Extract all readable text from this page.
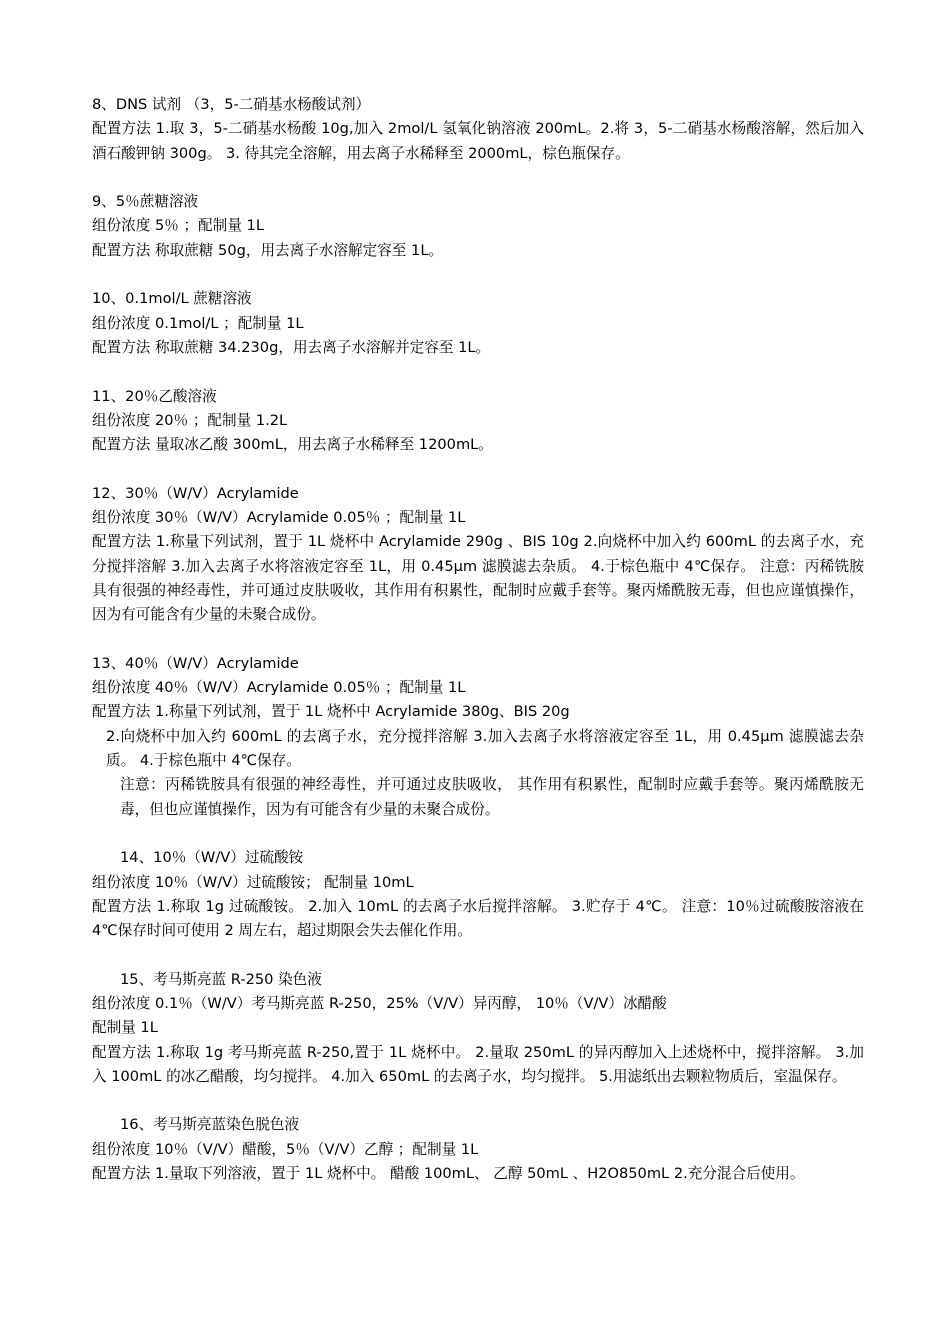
8、DNS 试剂 （3，5-二硝基水杨酸试剂）
配置方法 1.取 3，5-二硝基水杨酸 10g,加入 2mol/L 氢氧化钠溶液 200mL。2.将 3，5-二硝基水杨酸溶解，然后加入酒石酸钾钠 300g。 3. 待其完全溶解，用去离子水稀释至 2000mL，棕色瓶保存。
9、5％蔗糖溶液
组份浓度 5％ ；配制量 1L
配置方法 称取蔗糖 50g，用去离子水溶解定容至 1L。
10、0.1mol/L 蔗糖溶液
组份浓度 0.1mol/L ；配制量 1L
配置方法 称取蔗糖 34.230g，用去离子水溶解并定容至 1L。
11、20％乙酸溶液
组份浓度 20％ ；配制量 1.2L
配置方法 量取冰乙酸 300mL，用去离子水稀释至 1200mL。
12、30％（W/V）Acrylamide
组份浓度 30％（W/V）Acrylamide 0.05％ ；配制量 1L
配置方法 1.称量下列试剂，置于 1L 烧杯中 Acrylamide 290g 、BIS 10g 2.向烧杯中加入约 600mL 的去离子水，充分搅拌溶解 3.加入去离子水将溶液定容至 1L，用 0.45μm 滤膜滤去杂质。 4.于棕色瓶中 4℃保存。 注意：丙稀铣胺具有很强的神经毒性，并可通过皮肤吸收，其作用有积累性，配制时应戴手套等。聚丙烯酰胺无毒，但也应谨慎操作，因为有可能含有少量的未聚合成份。
13、40％（W/V）Acrylamide
组份浓度 40％（W/V）Acrylamide 0.05％ ；配制量 1L
配置方法 1.称量下列试剂，置于 1L 烧杯中 Acrylamide 380g、BIS 20g
2.向烧杯中加入约 600mL 的去离子水，充分搅拌溶解 3.加入去离子水将溶液定容至 1L，用 0.45μm 滤膜滤去杂质。 4.于棕色瓶中 4℃保存。
注意：丙稀铣胺具有很强的神经毒性，并可通过皮肤吸收， 其作用有积累性，配制时应戴手套等。聚丙烯酰胺无毒，但也应谨慎操作，因为有可能含有少量的未聚合成份。
14、10％（W/V）过硫酸铵
组份浓度 10％（W/V）过硫酸铵； 配制量 10mL
配置方法 1.称取 1g 过硫酸铵。 2.加入 10mL 的去离子水后搅拌溶解。 3.贮存于 4℃。 注意：10％过硫酸胺溶液在 4℃保存时间可使用 2 周左右，超过期限会失去催化作用。
15、考马斯亮蓝 R-250 染色液
组份浓度 0.1％（W/V）考马斯亮蓝 R-250，25%（V/V）异丙醇， 10％（V/V）冰醋酸
配制量 1L
配置方法 1.称取 1g 考马斯亮蓝 R-250,置于 1L 烧杯中。 2.量取 250mL 的异丙醇加入上述烧杯中，搅拌溶解。 3.加入 100mL 的冰乙醋酸，均匀搅拌。 4.加入 650mL 的去离子水，均匀搅拌。 5.用滤纸出去颗粒物质后，室温保存。
16、考马斯亮蓝染色脱色液
组份浓度 10％（V/V）醋酸，5％（V/V）乙醇 ；配制量 1L
配置方法 1.量取下列溶液，置于 1L 烧杯中。 醋酸 100mL、 乙醇 50mL 、H2O850mL 2.充分混合后使用。
